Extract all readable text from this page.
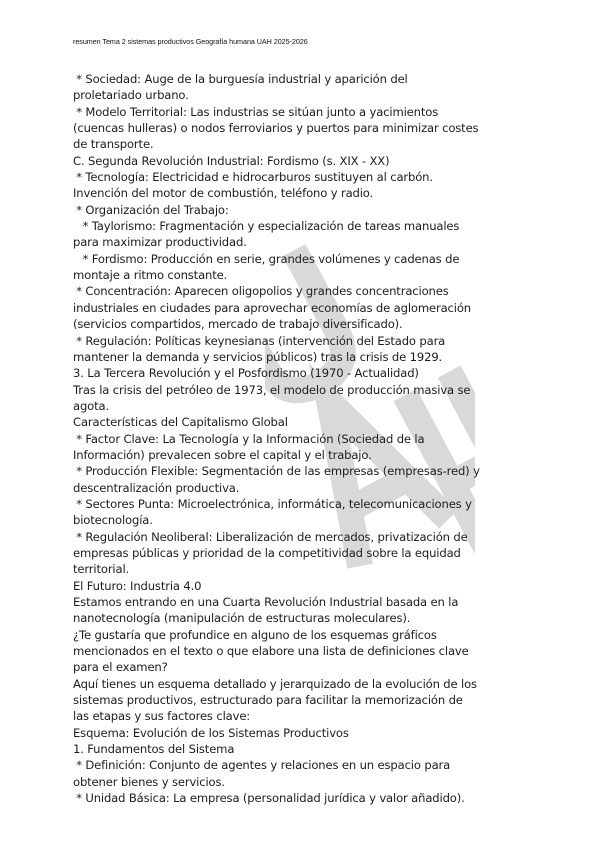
resumen Tema 2 sistemas productivos Geografía humana UAH 2025-2026
* Sociedad: Auge de la burguesía industrial y aparición del
proletariado urbano.
* Modelo Territorial: Las industrias se sitúan junto a yacimientos
(cuencas hulleras) o nodos ferroviarios y puertos para minimizar costes
de transporte.
C. Segunda Revolución Industrial: Fordismo (s. XIX - XX)
* Tecnología: Electricidad e hidrocarburos sustituyen al carbón.
Invención del motor de combustión, teléfono y radio.
* Organización del Trabajo:
* Taylorismo: Fragmentación y especialización de tareas manuales
para maximizar productividad.
* Fordismo: Producción en serie, grandes volúmenes y cadenas de
montaje a ritmo constante.
* Concentración: Aparecen oligopolios y grandes concentraciones
industriales en ciudades para aprovechar economías de aglomeración
(servicios compartidos, mercado de trabajo diversificado).
* Regulación: Políticas keynesianas (intervención del Estado para
mantener la demanda y servicios públicos) tras la crisis de 1929.
3. La Tercera Revolución y el Posfordismo (1970 - Actualidad)
Tras la crisis del petróleo de 1973, el modelo de producción masiva se
agota.
Características del Capitalismo Global
* Factor Clave: La Tecnología y la Información (Sociedad de la
Información) prevalecen sobre el capital y el trabajo.
* Producción Flexible: Segmentación de las empresas (empresas-red) y
descentralización productiva.
* Sectores Punta: Microelectrónica, informática, telecomunicaciones y
biotecnología.
* Regulación Neoliberal: Liberalización de mercados, privatización de
empresas públicas y prioridad de la competitividad sobre la equidad
territorial.
El Futuro: Industria 4.0
Estamos entrando en una Cuarta Revolución Industrial basada en la
nanotecnología (manipulación de estructuras moleculares).
¿Te gustaría que profundice en alguno de los esquemas gráficos
mencionados en el texto o que elabore una lista de definiciones clave
para el examen?
Aquí tienes un esquema detallado y jerarquizado de la evolución de los
sistemas productivos, estructurado para facilitar la memorización de
las etapas y sus factores clave:
Esquema: Evolución de los Sistemas Productivos
1. Fundamentos del Sistema
* Definición: Conjunto de agentes y relaciones en un espacio para
obtener bienes y servicios.
* Unidad Básica: La empresa (personalidad jurídica y valor añadido).
